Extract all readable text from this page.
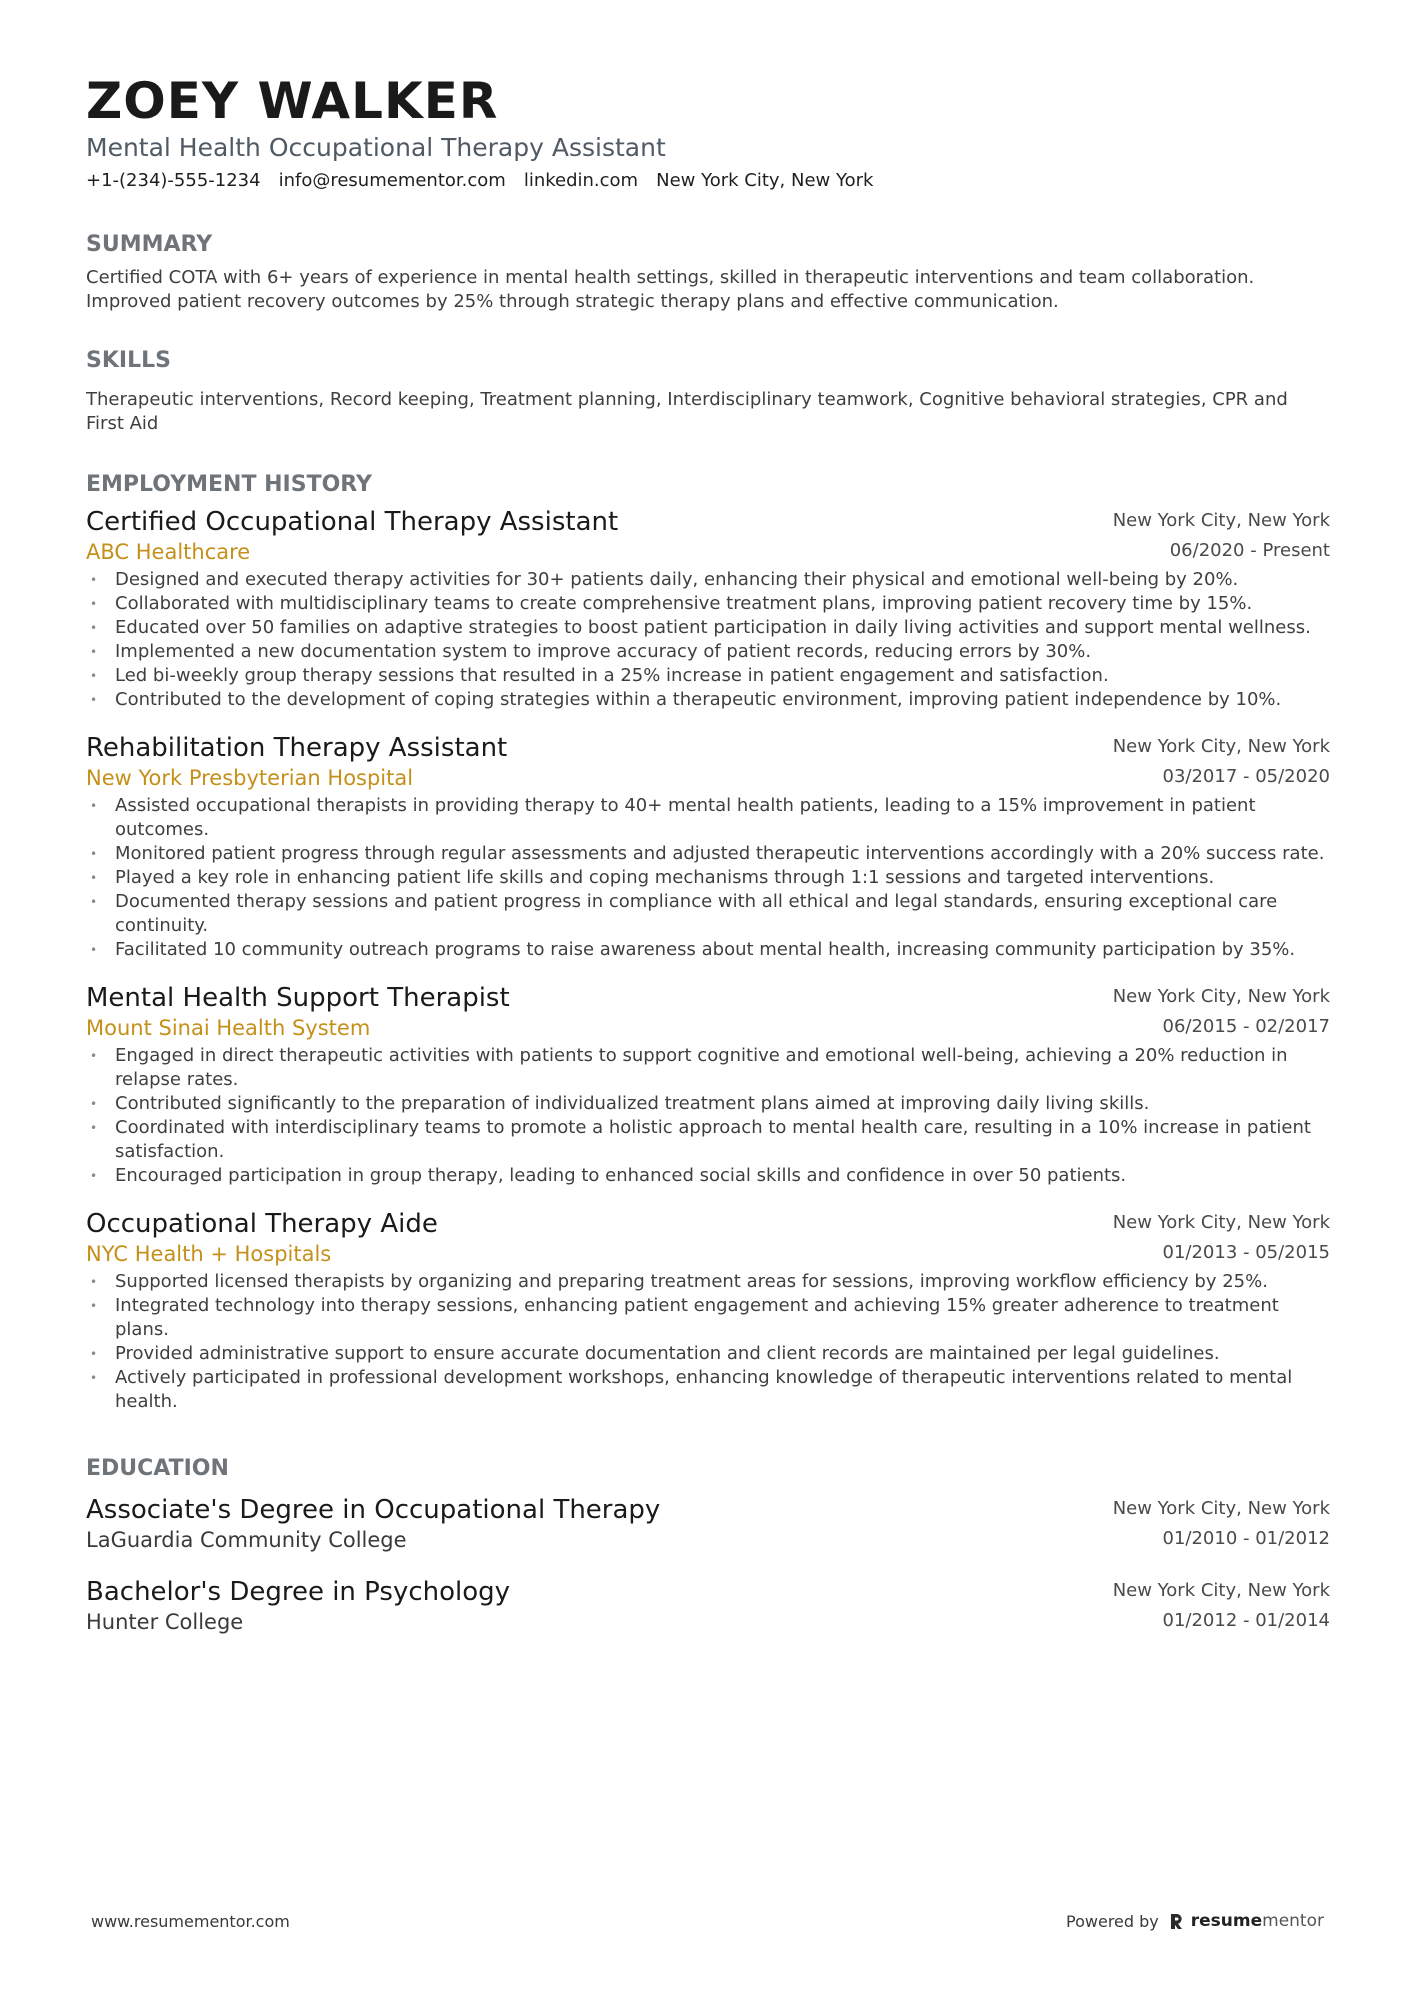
ZOEY WALKER
Mental Health Occupational Therapy Assistant
+1-(234)-555-1234 info@resumementor.com linkedin.com New York City, New York
SUMMARY
Certified COTA with 6+ years of experience in mental health settings, skilled in therapeutic interventions and team collaboration. Improved patient recovery outcomes by 25% through strategic therapy plans and effective communication.
SKILLS
Therapeutic interventions, Record keeping, Treatment planning, Interdisciplinary teamwork, Cognitive behavioral strategies, CPR and First Aid
EMPLOYMENT HISTORY
Certified Occupational Therapy Assistant
ABC Healthcare
New York City, New York
06/2020 - Present
• Designed and executed therapy activities for 30+ patients daily, enhancing their physical and emotional well-being by 20%.
• Collaborated with multidisciplinary teams to create comprehensive treatment plans, improving patient recovery time by 15%.
• Educated over 50 families on adaptive strategies to boost patient participation in daily living activities and support mental wellness.
• Implemented a new documentation system to improve accuracy of patient records, reducing errors by 30%.
• Led bi-weekly group therapy sessions that resulted in a 25% increase in patient engagement and satisfaction.
• Contributed to the development of coping strategies within a therapeutic environment, improving patient independence by 10%.
Rehabilitation Therapy Assistant
New York Presbyterian Hospital
New York City, New York
03/2017 - 05/2020
• Assisted occupational therapists in providing therapy to 40+ mental health patients, leading to a 15% improvement in patient outcomes.
• Monitored patient progress through regular assessments and adjusted therapeutic interventions accordingly with a 20% success rate.
• Played a key role in enhancing patient life skills and coping mechanisms through 1:1 sessions and targeted interventions.
• Documented therapy sessions and patient progress in compliance with all ethical and legal standards, ensuring exceptional care continuity.
• Facilitated 10 community outreach programs to raise awareness about mental health, increasing community participation by 35%.
Mental Health Support Therapist
Mount Sinai Health System
New York City, New York
06/2015 - 02/2017
• Engaged in direct therapeutic activities with patients to support cognitive and emotional well-being, achieving a 20% reduction in relapse rates.
• Contributed significantly to the preparation of individualized treatment plans aimed at improving daily living skills.
• Coordinated with interdisciplinary teams to promote a holistic approach to mental health care, resulting in a 10% increase in patient satisfaction.
• Encouraged participation in group therapy, leading to enhanced social skills and confidence in over 50 patients.
Occupational Therapy Aide
NYC Health + Hospitals
New York City, New York
01/2013 - 05/2015
• Supported licensed therapists by organizing and preparing treatment areas for sessions, improving workflow efficiency by 25%.
• Integrated technology into therapy sessions, enhancing patient engagement and achieving 15% greater adherence to treatment plans.
• Provided administrative support to ensure accurate documentation and client records are maintained per legal guidelines.
• Actively participated in professional development workshops, enhancing knowledge of therapeutic interventions related to mental health.
EDUCATION
Associate's Degree in Occupational Therapy
LaGuardia Community College
New York City, New York
01/2010 - 01/2012
Bachelor's Degree in Psychology
Hunter College
New York City, New York
01/2012 - 01/2014
www.resumementor.com	Powered by resumementor
